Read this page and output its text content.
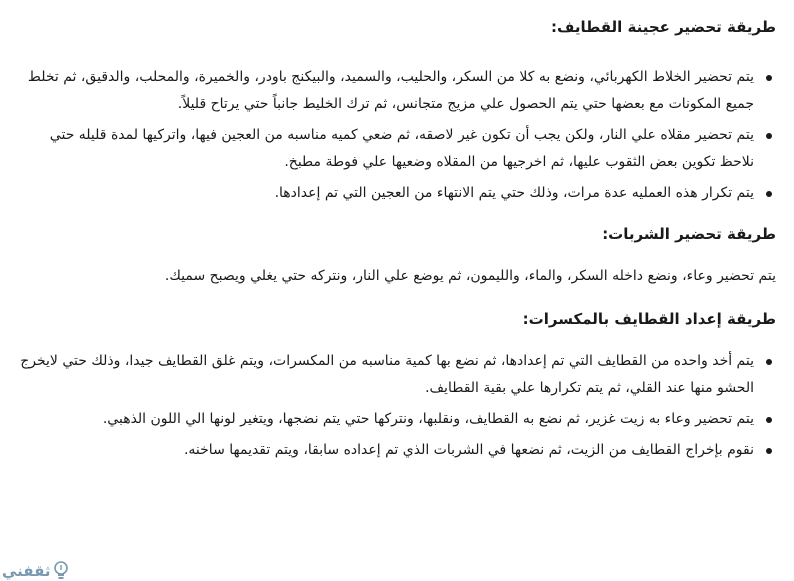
طريقة تحضير عجينة القطايف:
يتم تحضير الخلاط الكهربائي، ونضع به كلا من السكر، والحليب، والسميد، والبيكنج باودر، والخميرة، والمحلب، والدقيق، ثم تخلط جميع المكونات مع بعضها حتي يتم الحصول علي مزيج متجانس، ثم ترك الخليط جانباً حتي يرتاح قليلاً.
يتم تحضير مقلاه علي النار، ولكن يجب أن تكون غير لاصقه، ثم ضعي كميه مناسبه من العجين فيها، واتركيها لمدة قليله حتي نلاحظ تكوين بعض الثقوب عليها، ثم اخرجيها من المقلاه وضعيها علي فوطة مطبخ.
يتم تكرار هذه العمليه عدة مرات، وذلك حتي يتم الانتهاء من العجين التي تم إعدادها.
طريقة تحضير الشربات:

يتم تحضير وعاء، ونضع داخله السكر، والماء، والليمون، ثم يوضع علي النار، ونتركه حتي يغلي ويصبح سميك.

طريقة إعداد القطايف بالمكسرات:
يتم أخد واحده من القطايف التي تم إعدادها، ثم نضع بها كمية مناسبه من المكسرات، ويتم غلق القطايف جيدا، وذلك حتي لايخرج الحشو منها عند القلي، ثم يتم تكرارها علي بقية القطايف.
يتم تحضير وعاء به زيت غزير، ثم نضع به القطايف، ونقلبها، ونتركها حتي يتم نضجها، ويتغير لونها الي اللون الذهبي.
نقوم بإخراج القطايف من الزيت، ثم نضعها في الشربات الذي تم إعداده سابقا، ويتم تقديمها ساخنه.
ثقفني
